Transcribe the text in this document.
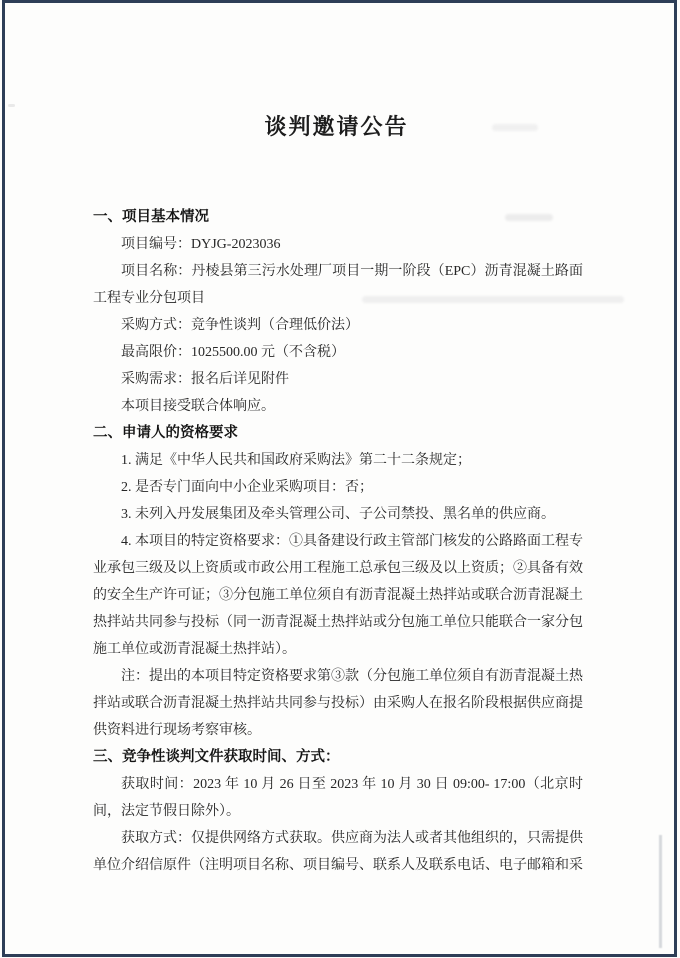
谈判邀请公告
一、项目基本情况

项目编号：DYJG-2023036

项目名称：丹棱县第三污水处理厂项目一期一阶段（EPC）沥青混凝土路面工程专业分包项目

采购方式：竞争性谈判（合理低价法）

最高限价：1025500.00 元（不含税）

采购需求：报名后详见附件

本项目接受联合体响应。

二、申请人的资格要求

1. 满足《中华人民共和国政府采购法》第二十二条规定；

2. 是否专门面向中小企业采购项目：否；

3. 未列入丹发展集团及牵头管理公司、子公司禁投、黑名单的供应商。

4. 本项目的特定资格要求：①具备建设行政主管部门核发的公路路面工程专业承包三级及以上资质或市政公用工程施工总承包三级及以上资质；②具备有效的安全生产许可证；③分包施工单位须自有沥青混凝土热拌站或联合沥青混凝土热拌站共同参与投标（同一沥青混凝土热拌站或分包施工单位只能联合一家分包施工单位或沥青混凝土热拌站）。

注：提出的本项目特定资格要求第③款（分包施工单位须自有沥青混凝土热拌站或联合沥青混凝土热拌站共同参与投标）由采购人在报名阶段根据供应商提供资料进行现场考察审核。

三、竞争性谈判文件获取时间、方式：

获取时间：2023 年 10 月 26 日至 2023 年 10 月 30 日 09:00- 17:00（北京时间，法定节假日除外）。

获取方式：仅提供网络方式获取。供应商为法人或者其他组织的，只需提供单位介绍信原件（注明项目名称、项目编号、联系人及联系电话、电子邮箱和采
